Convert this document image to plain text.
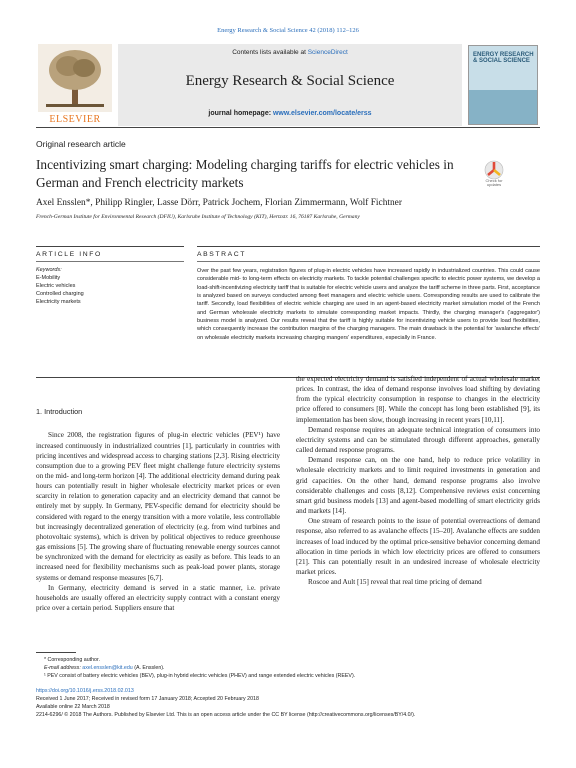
Energy Research & Social Science 42 (2018) 112–126
ELSEVIER
Contents lists available at ScienceDirect
Energy Research & Social Science
journal homepage: www.elsevier.com/locate/erss
ENERGY RESEARCH & SOCIAL SCIENCE
Original research article
Incentivizing smart charging: Modeling charging tariffs for electric vehicles in German and French electricity markets	Check for updates
Axel Ensslen*, Philipp Ringler, Lasse Dörr, Patrick Jochem, Florian Zimmermann, Wolf Fichtner
French-German Institute for Environmental Research (DFIU), Karlsruhe Institute of Technology (KIT), Hertzstr. 16, 76187 Karlsruhe, Germany
ARTICLE INFO	ABSTRACT
Keywords:
E-Mobility
Electric vehicles
Controlled charging
Electricity markets
Over the past few years, registration figures of plug-in electric vehicles have increased rapidly in industrialized countries. This could cause considerable mid- to long-term effects on electricity markets. To tackle potential challenges specific to electric power systems, we develop a load-shift-incentivizing electricity tariff that is suitable for electric vehicle users and analyze the tariff scheme in three parts. First, acceptance is analyzed based on surveys conducted among fleet managers and electric vehicle users. Corresponding results are used to calibrate the tariff. Secondly, load flexibilities of electric vehicle charging are used in an agent-based electricity market simulation model of the French and German wholesale electricity markets to simulate corresponding market impacts. Thirdly, the charging manager's ('aggregator') business model is analyzed. Our results reveal that the tariff is highly suitable for incentivizing vehicle users to provide load flexibilities, which consequently increase the contribution margins of the charging managers. The main drawback is the potential for 'avalanche effects' on wholesale electricity markets increasing charging mangers' expenditures, especially in France.
1. Introduction

Since 2008, the registration figures of plug-in electric vehicles (PEV¹) have increased continuously in industrialized countries [1], particularly in countries with pricing incentives and widespread access to charging stations [2,3]. Rising electricity consumption due to a growing PEV fleet might challenge future electricity systems on the mid- and long-term horizon [4]. The additional electricity demand during peak hours can potentially result in higher wholesale electricity market prices or even scarcity in relation to generation capacity and an electricity demand that cannot be entirely met by supply. In Germany, PEV-specific demand for electricity should be considered with regard to the energy transition with a more volatile, less controllable but increasingly decentralized generation of electricity (e.g. from wind turbines and photovoltaic systems), which is driven by political objectives to reduce greenhouse gas emissions [5]. The growing share of fluctuating renewable energy sources cannot be synchronized with the demand for electricity as easily as before. This leads to an increased need for flexibility mechanisms such as peak-load power plants, storage systems or demand response measures [6,7].

In Germany, electricity demand is served in a static manner, i.e. private households are usually offered an electricity supply contract with a constant energy price over a certain period. Suppliers ensure that

the expected electricity demand is satisfied independent of actual wholesale market prices. In contrast, the idea of demand response involves load shifting by deviating from the typical electricity consumption in response to changes in the electricity price offered to consumers [8]. While the concept has long been established [9], its implementation has been slow, though increasing in recent years [10,11].

Demand response requires an adequate technical integration of consumers into electricity systems and can be stimulated through different approaches, generally called demand response programs.

Demand response can, on the one hand, help to reduce price volatility in wholesale electricity markets and to limit required investments in generation and grid capacities. On the other hand, demand response programs also involve considerable challenges and costs [8,12]. Comprehensive reviews exist concerning smart grid business models [13] and agent-based modelling of smart electricity grids and markets [14].

One stream of research points to the issue of potential overreactions of demand response, also referred to as avalanche effects [15–20]. Avalanche effects are sudden increases of load induced by the optimal price-sensitive behavior concerning demand allocation in time periods in which low electricity prices are offered to consumers [21]. This can potentially result in an undesired increase of wholesale electricity market prices.

Roscoe and Ault [15] reveal that real time pricing of demand

* Corresponding author.
E-mail address: axel.ensslen@kit.edu (A. Ensslen).
¹ PEV consist of battery electric vehicles (BEV), plug-in hybrid electric vehicles (PHEV) and range extended electric vehicles (REEV).
https://doi.org/10.1016/j.erss.2018.02.013
Received 1 June 2017; Received in revised form 17 January 2018; Accepted 20 February 2018
Available online 22 March 2018
2214-6296/ © 2018 The Authors. Published by Elsevier Ltd. This is an open access article under the CC BY license (http://creativecommons.org/licenses/BY/4.0/).
